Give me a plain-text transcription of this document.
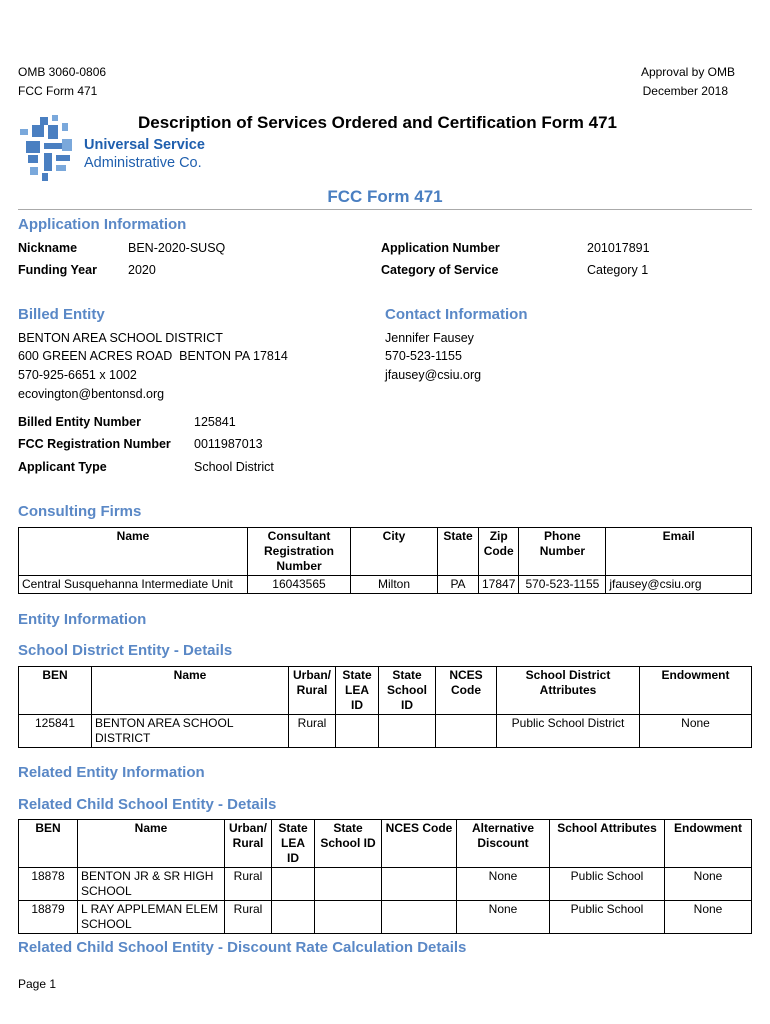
OMB 3060-0806
FCC Form 471
Approval by OMB
December 2018
Description of Services Ordered and Certification Form 471
Universal Service
Administrative Co.
FCC Form 471
Application Information
Nickname	BEN-2020-SUSQ
Funding Year 2020
Application Number	201017891
Category of Service	Category 1
Billed Entity
BENTON AREA SCHOOL DISTRICT
600 GREEN ACRES ROAD  BENTON PA 17814
570-925-6651 x 1002
ecovington@bentonsd.org
Billed Entity Number	125841
FCC Registration Number 0011987013
Applicant Type	School District
Contact Information
Jennifer Fausey
570-523-1155
jfausey@csiu.org
Consulting Firms
Name	Consultant Registration Number	City	State	Zip Code	Phone Number	Email
Central Susquehanna Intermediate Unit	16043565	Milton	PA	17847	570-523-1155	jfausey@csiu.org
Entity Information
School District Entity - Details
BEN	Name	Urban/ Rural	State LEA ID	State School ID	NCES Code	School District Attributes	Endowment
125841	BENTON AREA SCHOOL DISTRICT	Rural				Public School District	None
Related Entity Information
Related Child School Entity - Details
BEN	Name	Urban/ Rural	State LEA ID	State School ID	NCES Code	Alternative Discount	School Attributes	Endowment
18878	BENTON JR & SR HIGH SCHOOL	Rural				None	Public School	None
18879	L RAY APPLEMAN ELEM SCHOOL	Rural				None	Public School	None
Related Child School Entity - Discount Rate Calculation Details
Page 1
